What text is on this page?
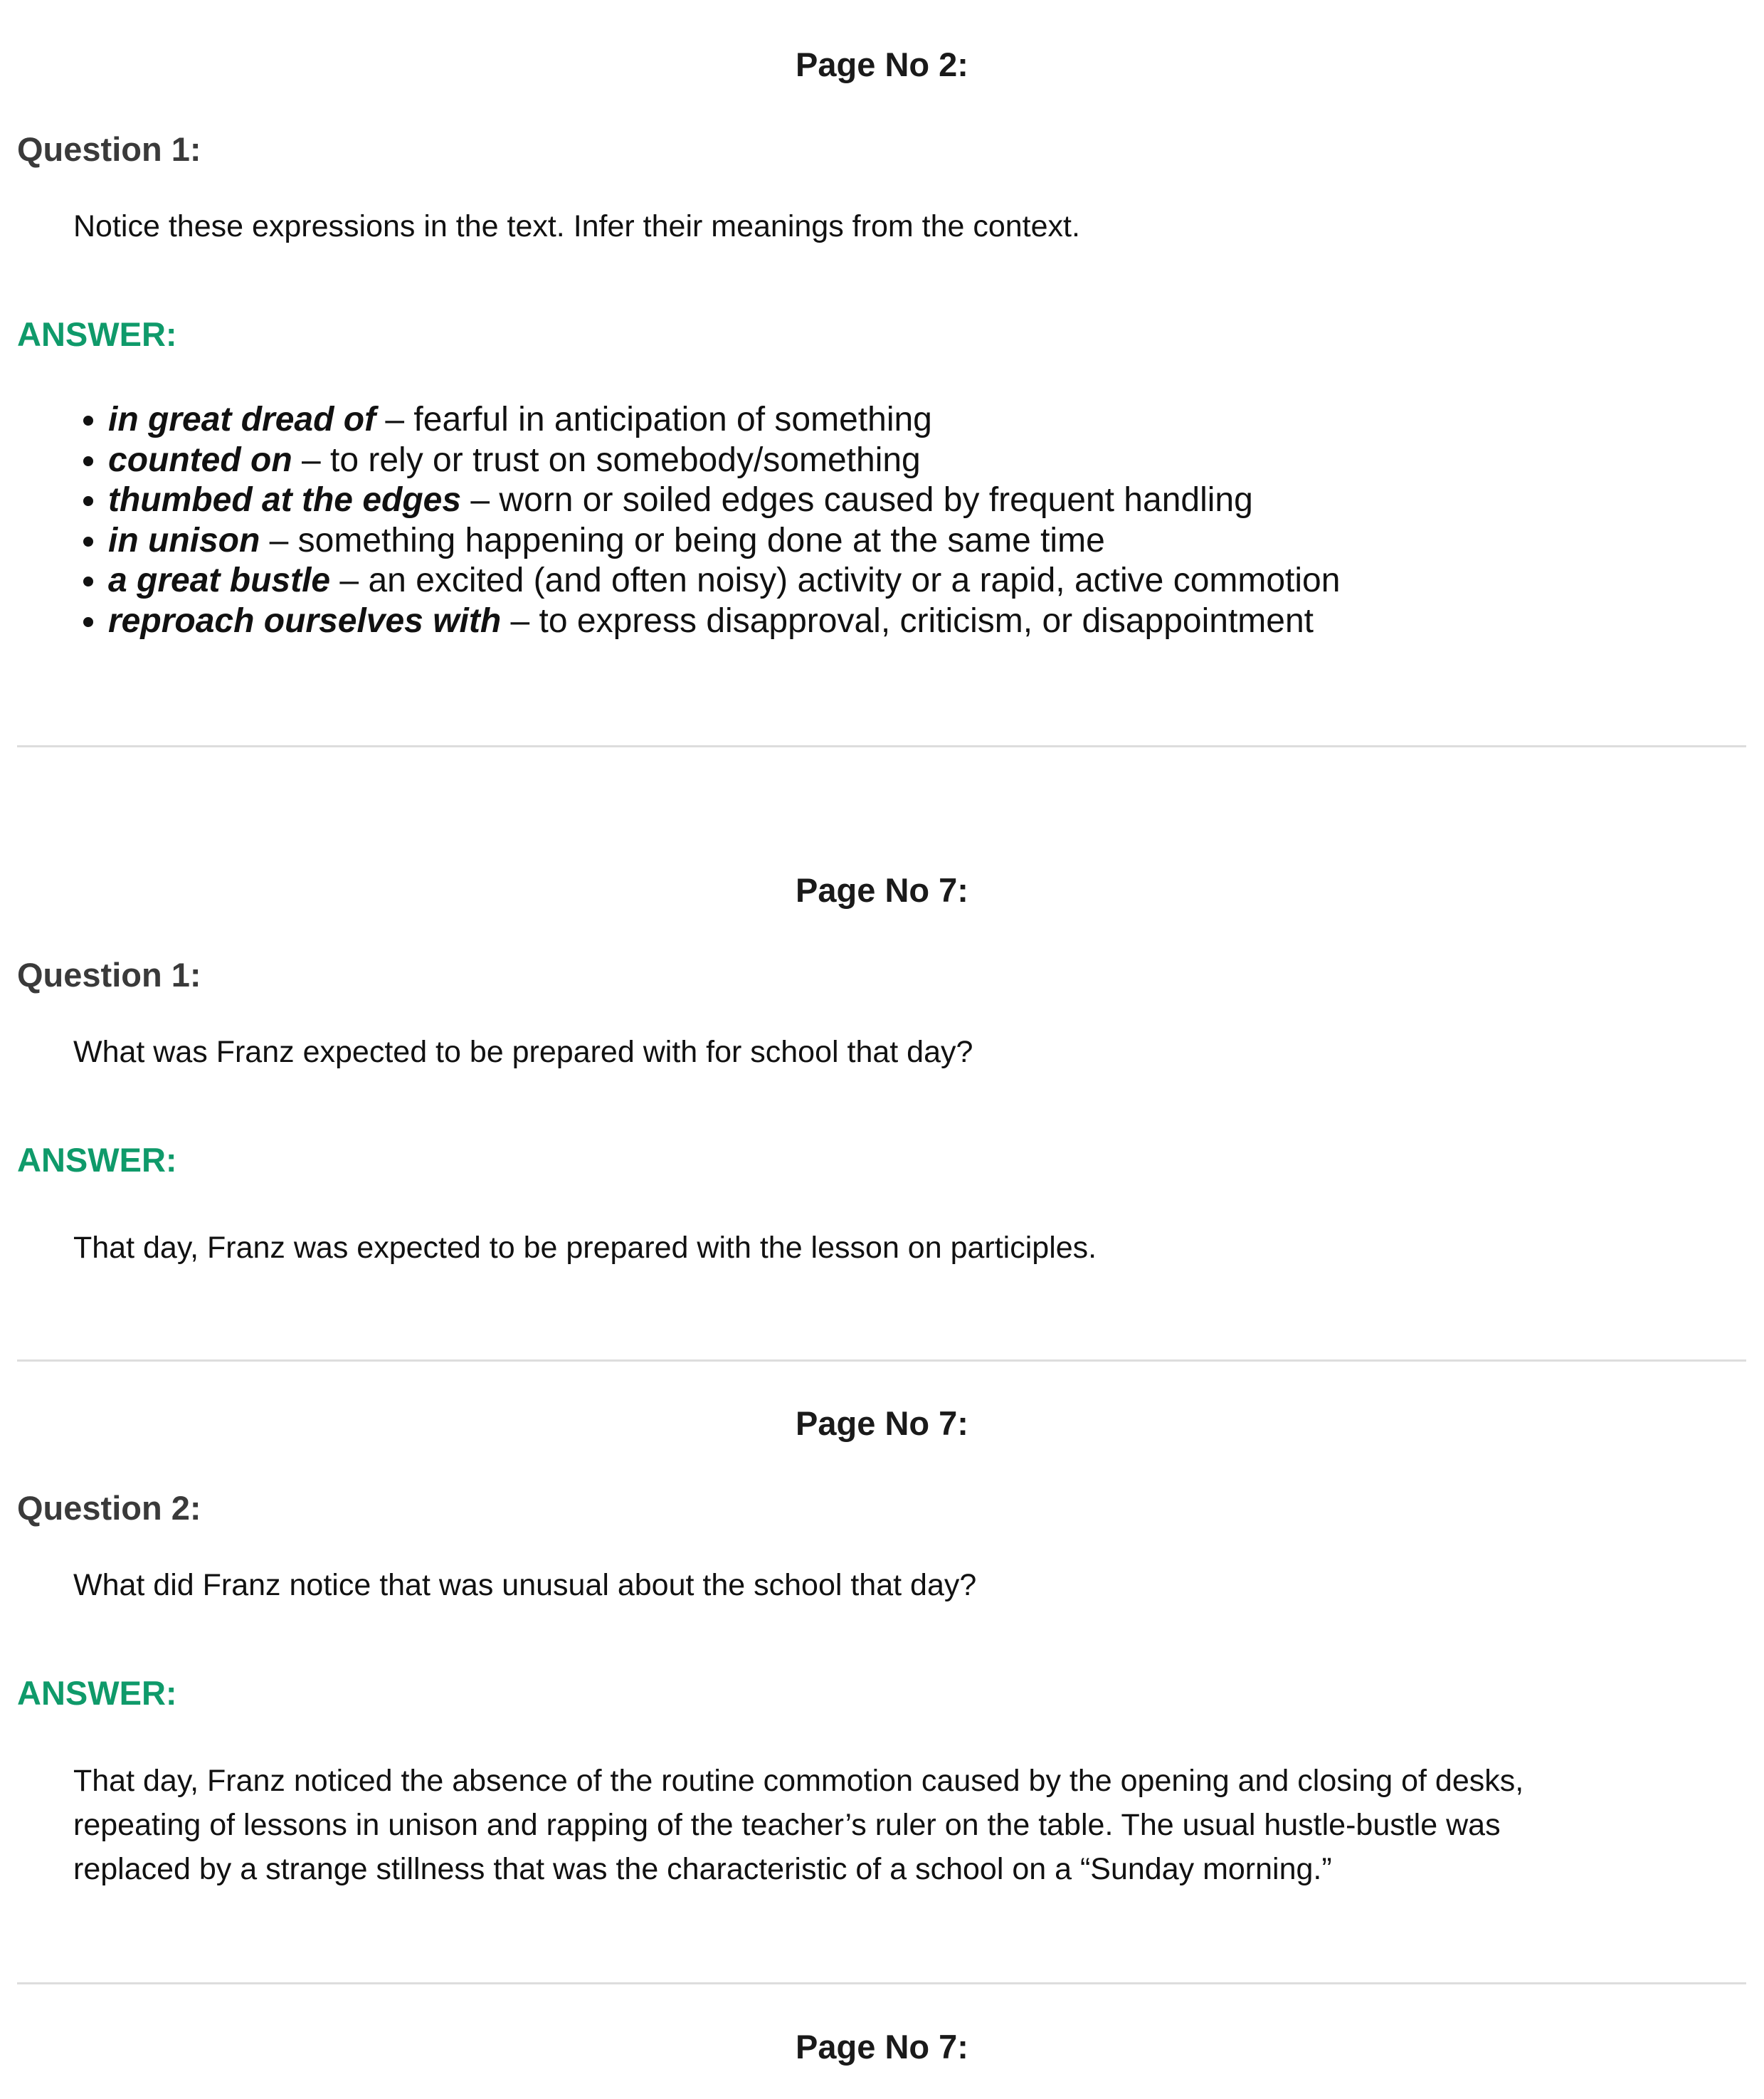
Page No 2:
Question 1:
Notice these expressions in the text. Infer their meanings from the context.
ANSWER:
• in great dread of – fearful in anticipation of something
• counted on – to rely or trust on somebody/something
• thumbed at the edges – worn or soiled edges caused by frequent handling
• in unison – something happening or being done at the same time
• a great bustle – an excited (and often noisy) activity or a rapid, active commotion
• reproach ourselves with – to express disapproval, criticism, or disappointment
Page No 7:
Question 1:
What was Franz expected to be prepared with for school that day?
ANSWER:
That day, Franz was expected to be prepared with the lesson on participles.
Page No 7:
Question 2:
What did Franz notice that was unusual about the school that day?
ANSWER:
That day, Franz noticed the absence of the routine commotion caused by the opening and closing of desks,
repeating of lessons in unison and rapping of the teacher’s ruler on the table. The usual hustle-bustle was
replaced by a strange stillness that was the characteristic of a school on a “Sunday morning.”
Page No 7:
